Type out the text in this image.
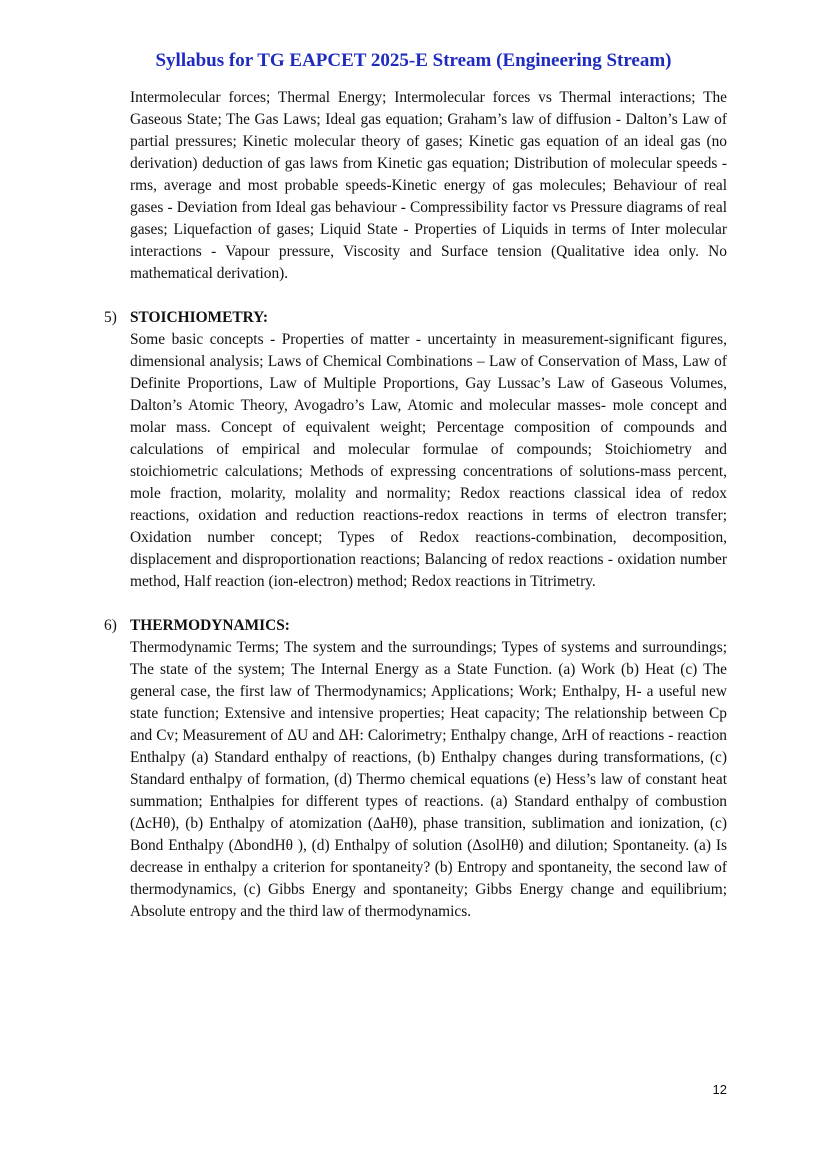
Syllabus for TG EAPCET 2025-E Stream (Engineering Stream)

Intermolecular forces; Thermal Energy; Intermolecular forces vs Thermal interactions; The Gaseous State; The Gas Laws; Ideal gas equation; Graham’s law of diffusion - Dalton’s Law of partial pressures; Kinetic molecular theory of gases; Kinetic gas equation of an ideal gas (no derivation) deduction of gas laws from Kinetic gas equation; Distribution of molecular speeds - rms, average and most probable speeds-Kinetic energy of gas molecules; Behaviour of real gases - Deviation from Ideal gas behaviour - Compressibility factor vs Pressure diagrams of real gases; Liquefaction of gases; Liquid State - Properties of Liquids in terms of Inter molecular interactions - Vapour pressure, Viscosity and Surface tension (Qualitative idea only. No mathematical derivation).

5) STOICHIOMETRY:

Some basic concepts - Properties of matter - uncertainty in measurement-significant figures, dimensional analysis; Laws of Chemical Combinations – Law of Conservation of Mass, Law of Definite Proportions, Law of Multiple Proportions, Gay Lussac’s Law of Gaseous Volumes, Dalton’s Atomic Theory, Avogadro’s Law, Atomic and molecular masses- mole concept and molar mass. Concept of equivalent weight; Percentage composition of compounds and calculations of empirical and molecular formulae of compounds; Stoichiometry and stoichiometric calculations; Methods of expressing concentrations of solutions-mass percent, mole fraction, molarity, molality and normality; Redox reactions classical idea of redox reactions, oxidation and reduction reactions-redox reactions in terms of electron transfer; Oxidation number concept; Types of Redox reactions-combination, decomposition, displacement and disproportionation reactions; Balancing of redox reactions - oxidation number method, Half reaction (ion-electron) method; Redox reactions in Titrimetry.

6) THERMODYNAMICS:

Thermodynamic Terms; The system and the surroundings; Types of systems and surroundings; The state of the system; The Internal Energy as a State Function. (a) Work (b) Heat (c) The general case, the first law of Thermodynamics; Applications; Work; Enthalpy, H- a useful new state function; Extensive and intensive properties; Heat capacity; The relationship between Cp and Cv; Measurement of ΔU and ΔH: Calorimetry; Enthalpy change, ΔrH of reactions - reaction Enthalpy (a) Standard enthalpy of reactions, (b) Enthalpy changes during transformations, (c) Standard enthalpy of formation, (d) Thermo chemical equations (e) Hess’s law of constant heat summation; Enthalpies for different types of reactions. (a) Standard enthalpy of combustion (ΔcHθ), (b) Enthalpy of atomization (ΔaHθ), phase transition, sublimation and ionization, (c) Bond Enthalpy (ΔbondHθ ), (d) Enthalpy of solution (ΔsolHθ) and dilution; Spontaneity. (a) Is decrease in enthalpy a criterion for spontaneity? (b) Entropy and spontaneity, the second law of thermodynamics, (c) Gibbs Energy and spontaneity; Gibbs Energy change and equilibrium; Absolute entropy and the third law of thermodynamics.

12
